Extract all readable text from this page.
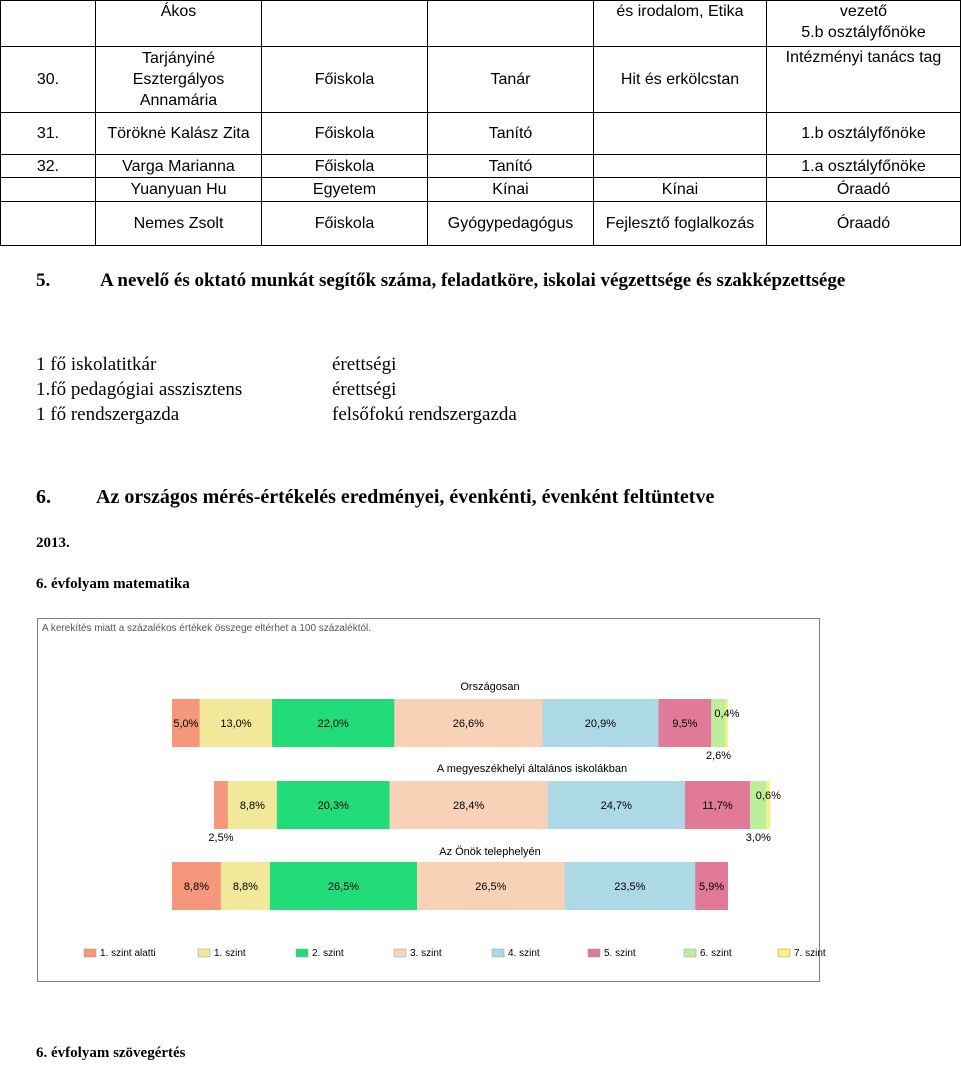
	Ákos			és irodalom, Etika	vezető
5.b osztályfőnöke
30.	Tarjányiné Esztergályos Annamária	Főiskola	Tanár	Hit és erkölcstan	Intézményi tanács tag
31.	Töröknė Kalász Zita	Főiskola	Tanító		1.b osztályfőnöke
32.	Varga Marianna	Főiskola	Tanító		1.a osztályfőnöke
	Yuanyuan Hu	Egyetem	Kínai	Kínai	Óraadó
	Nemes Zsolt	Főiskola	Gyógypedagógus	Fejlesztő foglalkozás	Óraadó
5.	A nevelő és oktató munkát segítők száma, feladatköre, iskolai végzettsége és szakképzettsége
1 fő iskolatitkár	érettségi
1.fő pedagógiai asszisztens	érettségi
1 fő rendszergazda	felsőfokú rendszergazda
6. Az országos mérés-értékelés eredményei, évenkénti, évenként feltüntetve
2013.
6. évfolyam matematika
A kerekítés miatt a százalékos értékek összege eltérhet a 100 százaléktól.
Országosan
5,0% 13,0%	22,0%	26,6%	20,9%	9,5%
2,6%
0,4%
A megyeszékhelyi általános iskolákban
2,5%
8,8%	20,3%	28,4%	24,7%	11,7%
3,0%
0,6%
Az Önök telephelyén
8,8% 8,8%	26,5%	26,5%	23,5%	5,9%
1. szint alatti	1. szint	2. szint	3. szint	4. szint	5. szint	6. szint	7. szint
6. évfolyam szövegértés
